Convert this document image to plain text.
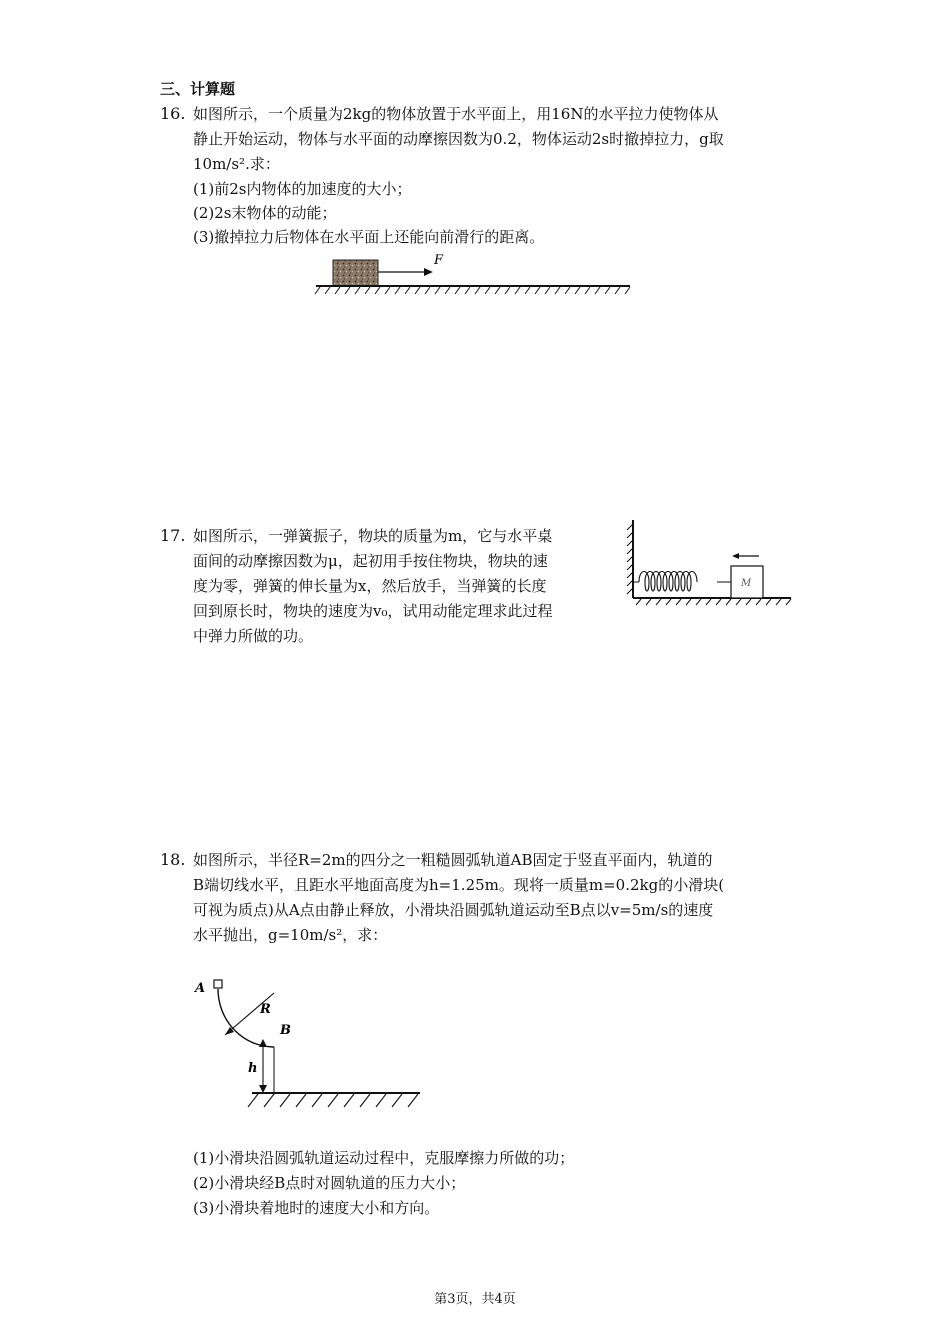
三、计算题
16. 如图所示，一个质量为2kg的物体放置于水平面上，用16N的水平拉力使物体从
静止开始运动，物体与水平面的动摩擦因数为0.2，物体运动2s时撤掉拉力，g取
10m/s².求：
(1)前2s内物体的加速度的大小；
(2)2s末物体的动能；
(3)撤掉拉力后物体在水平面上还能向前滑行的距离。
F
17. 如图所示，一弹簧振子，物块的质量为m，它与水平桌
面间的动摩擦因数为μ，起初用手按住物块，物块的速
度为零，弹簧的伸长量为x，然后放手，当弹簧的长度
回到原长时，物块的速度为v₀，试用动能定理求此过程
中弹力所做的功。
M
18. 如图所示，半径R=2m的四分之一粗糙圆弧轨道AB固定于竖直平面内，轨道的
B端切线水平，且距水平地面高度为h=1.25m。现将一质量m=0.2kg的小滑块(
可视为质点)从A点由静止释放，小滑块沿圆弧轨道运动至B点以v=5m/s的速度
水平抛出，g=10m/s²，求：
A
R
B
h
(1)小滑块沿圆弧轨道运动过程中，克服摩擦力所做的功；
(2)小滑块经B点时对圆轨道的压力大小；
(3)小滑块着地时的速度大小和方向。
第3页，共4页
